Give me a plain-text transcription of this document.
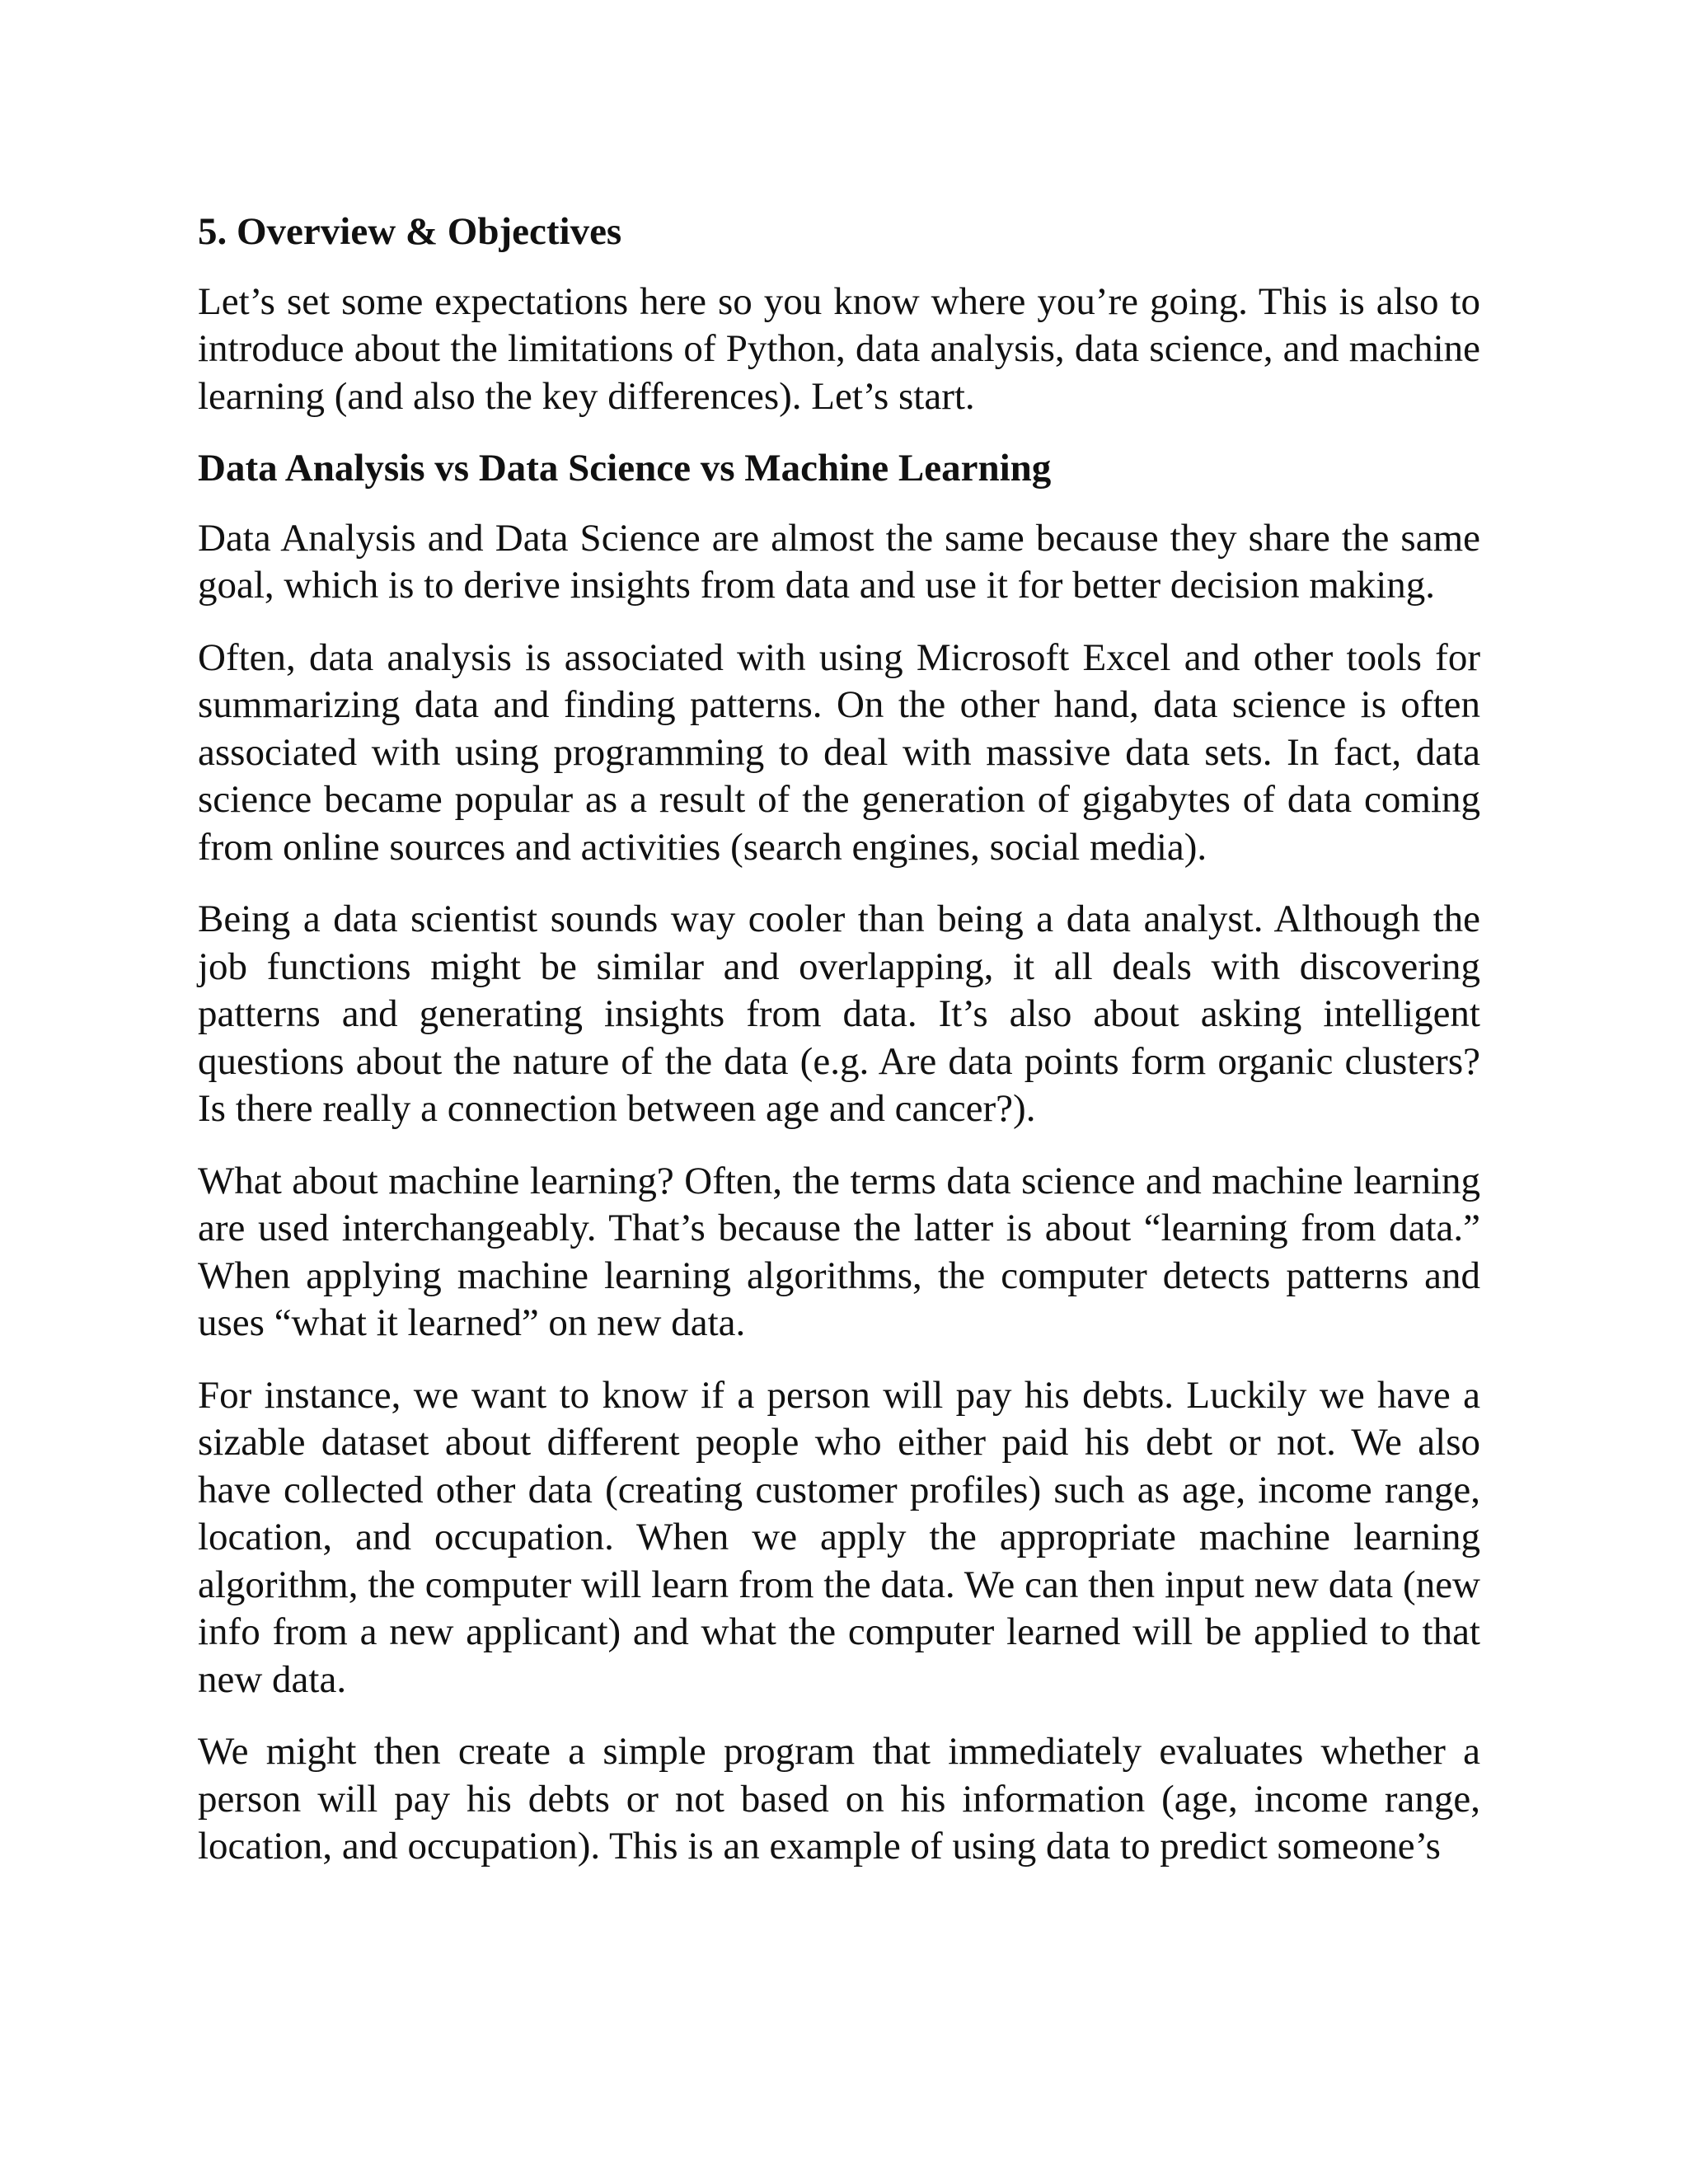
5. Overview & Objectives

Let’s set some expectations here so you know where you’re going. This is also to introduce about the limitations of Python, data analysis, data science, and machine learning (and also the key differences). Let’s start.

Data Analysis vs Data Science vs Machine Learning

Data Analysis and Data Science are almost the same because they share the same goal, which is to derive insights from data and use it for better decision making.

Often, data analysis is associated with using Microsoft Excel and other tools for summarizing data and finding patterns. On the other hand, data science is often associated with using programming to deal with massive data sets. In fact, data science became popular as a result of the generation of gigabytes of data coming from online sources and activities (search engines, social media).

Being a data scientist sounds way cooler than being a data analyst. Although the job functions might be similar and overlapping, it all deals with discovering patterns and generating insights from data. It’s also about asking intelligent questions about the nature of the data (e.g. Are data points form organic clusters? Is there really a connection between age and cancer?).

What about machine learning? Often, the terms data science and machine learning are used interchangeably. That’s because the latter is about “learning from data.” When applying machine learning algorithms, the computer detects patterns and uses “what it learned” on new data.

For instance, we want to know if a person will pay his debts. Luckily we have a sizable dataset about different people who either paid his debt or not. We also have collected other data (creating customer profiles) such as age, income range, location, and occupation. When we apply the appropriate machine learning algorithm, the computer will learn from the data. We can then input new data (new info from a new applicant) and what the computer learned will be applied to that new data.

We might then create a simple program that immediately evaluates whether a person will pay his debts or not based on his information (age, income range, location, and occupation). This is an example of using data to predict someone’s
